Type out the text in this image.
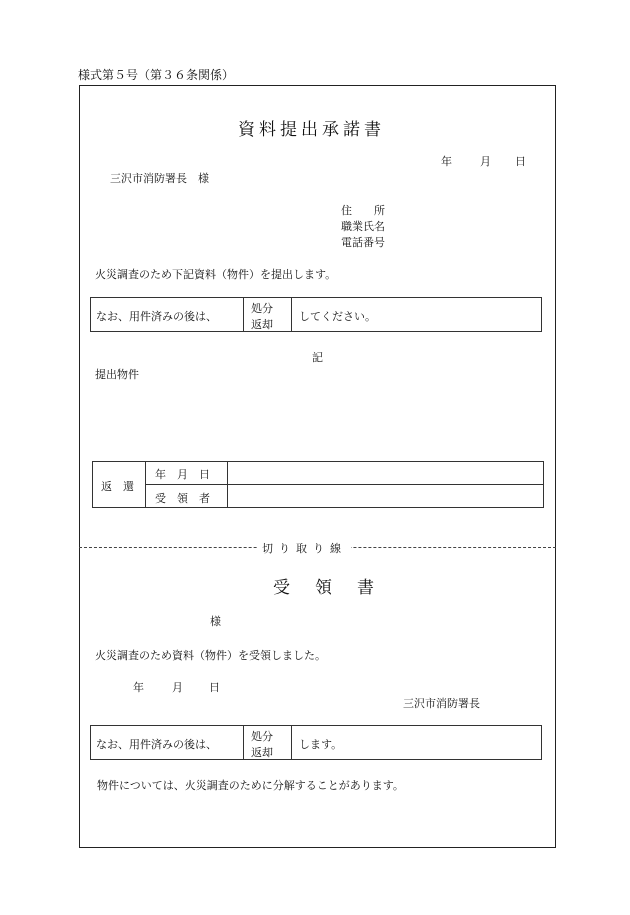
様式第５号（第３６条関係）
資料提出承諾書
年	月 日
三沢市消防署長　様
住　　所
職業氏名
電話番号
火災調査のため下記資料（物件）を提出します。
なお、用件済みの後は、
処分
返却
してください。
記
提出物件
返　還
年　月　日
受　領　者
切り取り線
受　領　書
様
火災調査のため資料（物件）を受領しました。
年	月 日
三沢市消防署長
なお、用件済みの後は、
処分
返却
します。
物件については、火災調査のために分解することがあります。
